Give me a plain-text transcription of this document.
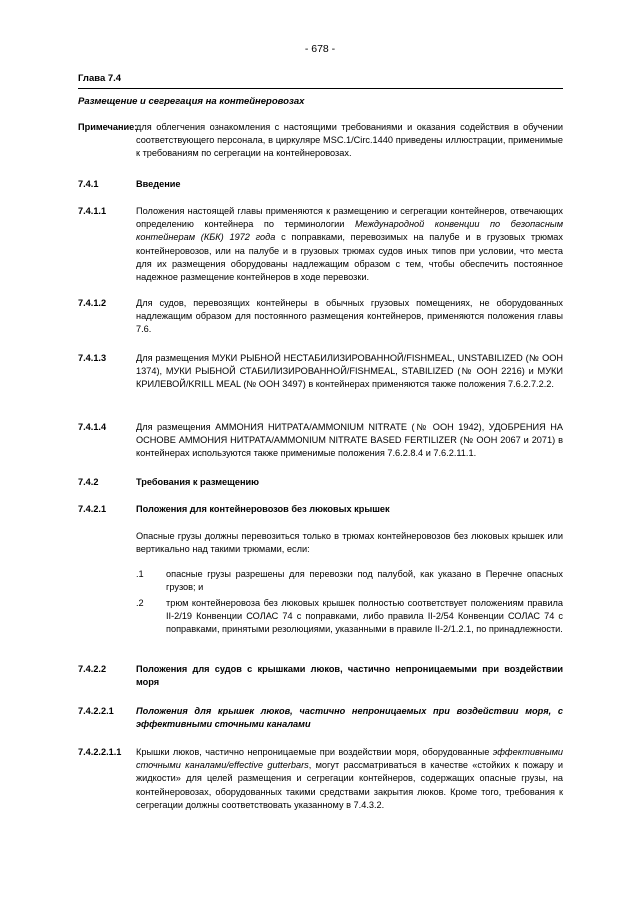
- 678 -
Глава 7.4
Размещение и сегрегация на контейнеровозах
Примечание:
для облегчения ознакомления с настоящими требованиями и оказания содействия в обучении соответствующего персонала, в циркуляре MSC.1/Circ.1440 приведены иллюстрации, применимые к требованиям по сегрегации на контейнеровозах.
7.4.1	Введение
7.4.1.1	Положения настоящей главы применяются к размещению и сегрегации контейнеров, отвечающих определению контейнера по терминологии Международной конвенции по безопасным контейнерам (КБК) 1972 года с поправками, перевозимых на палубе и в грузовых трюмах контейнеровозов, или на палубе и в грузовых трюмах судов иных типов при условии, что места для их размещения оборудованы надлежащим образом с тем, чтобы обеспечить постоянное надежное размещение контейнеров в ходе перевозки.
7.4.1.2	Для судов, перевозящих контейнеры в обычных грузовых помещениях, не оборудованных надлежащим образом для постоянного размещения контейнеров, применяются положения главы 7.6.
7.4.1.3	Для размещения МУКИ РЫБНОЙ НЕСТАБИЛИЗИРОВАННОЙ/FISHMEAL, UNSTABILIZED (№ ООН 1374), МУКИ РЫБНОЙ СТАБИЛИЗИРОВАННОЙ/FISHMEAL, STABILIZED (№ ООН 2216) и МУКИ КРИЛЕВОЙ/KRILL MEAL (№ ООН 3497) в контейнерах применяются также положения 7.6.2.7.2.2.
7.4.1.4	Для размещения АММОНИЯ НИТРАТА/AMMONIUM NITRATE (№ ООН 1942), УДОБРЕНИЯ НА ОСНОВЕ АММОНИЯ НИТРАТА/AMMONIUM NITRATE BASED FERTILIZER (№ ООН 2067 и 2071) в контейнерах используются также применимые положения 7.6.2.8.4 и 7.6.2.11.1.
7.4.2	Требования к размещению
7.4.2.1	Положения для контейнеровозов без люковых крышек
Опасные грузы должны перевозиться только в трюмах контейнеровозов без люковых крышек или вертикально над такими трюмами, если:
.1 опасные грузы разрешены для перевозки под палубой, как указано в Перечне опасных грузов; и
.2 трюм контейнеровоза без люковых крышек полностью соответствует положениям правила II-2/19 Конвенции СОЛАС 74 с поправками, либо правила II-2/54 Конвенции СОЛАС 74 с поправками, принятыми резолюциями, указанными в правиле II-2/1.2.1, по принадлежности.
7.4.2.2	Положения для судов с крышками люков, частично непроницаемыми при воздействии моря
7.4.2.2.1 Положения для крышек люков, частично непроницаемых при воздействии моря, с эффективными сточными каналами
7.4.2.2.1.1 Крышки люков, частично непроницаемые при воздействии моря, оборудованные эффективными сточными каналами/effective gutterbars, могут рассматриваться в качестве «стойких к пожару и жидкости» для целей размещения и сегрегации контейнеров, содержащих опасные грузы, на контейнеровозах, оборудованных такими средствами закрытия люков. Кроме того, требования к сегрегации должны соответствовать указанному в 7.4.3.2.
